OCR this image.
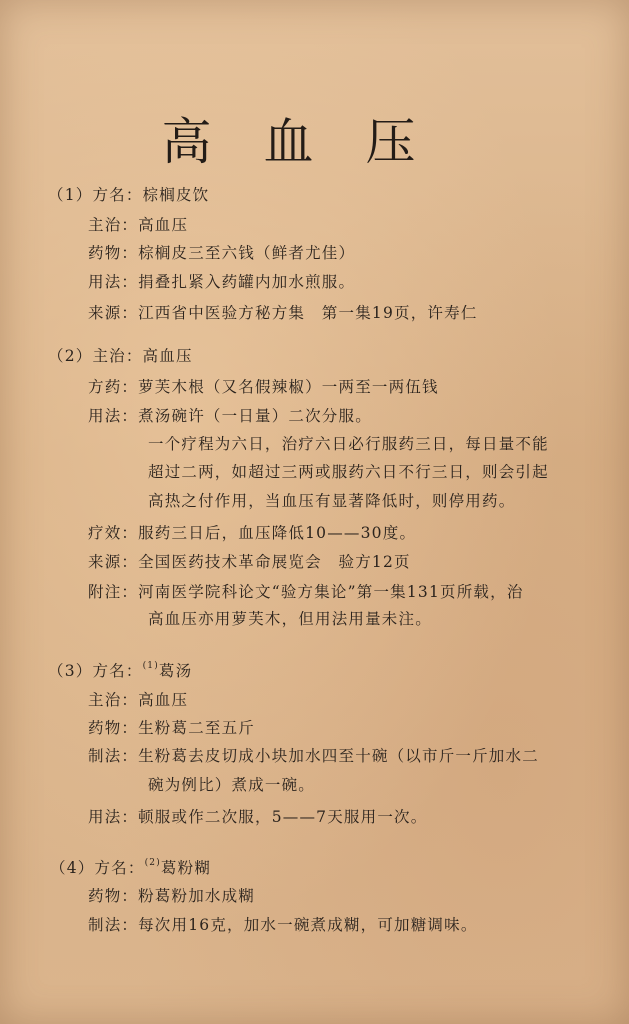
高血压
（1）方名：棕榈皮饮
主治：高血压
药物：棕榈皮三至六钱（鲜者尤佳）
用法：捐叠扎紧入药罐内加水煎服。
来源：江西省中医验方秘方集　第一集19页，许寿仁
（2）主治：高血压
方药：萝芙木根（又名假辣椒）一两至一两伍钱
用法：煮汤碗许（一日量）二次分服。
一个疗程为六日，治疗六日必行服药三日，每日量不能
超过二两，如超过三两或服药六日不行三日，则会引起
高热之付作用，当血压有显著降低时，则停用药。
疗效：服药三日后，血压降低10——30度。
来源：全国医药技术革命展览会　验方12页
附注：河南医学院科论文“验方集论”第一集131页所载，治
高血压亦用萝芙木，但用法用量未注。
（3）方名：$^{(1)}$葛汤
主治：高血压
药物：生粉葛二至五斤
制法：生粉葛去皮切成小块加水四至十碗（以市斤一斤加水二
碗为例比）煮成一碗。
用法：顿服或作二次服，5——7天服用一次。
（4）方名：$^{(2)}$葛粉糊
药物：粉葛粉加水成糊
制法：每次用16克，加水一碗煮成糊，可加糖调味。
